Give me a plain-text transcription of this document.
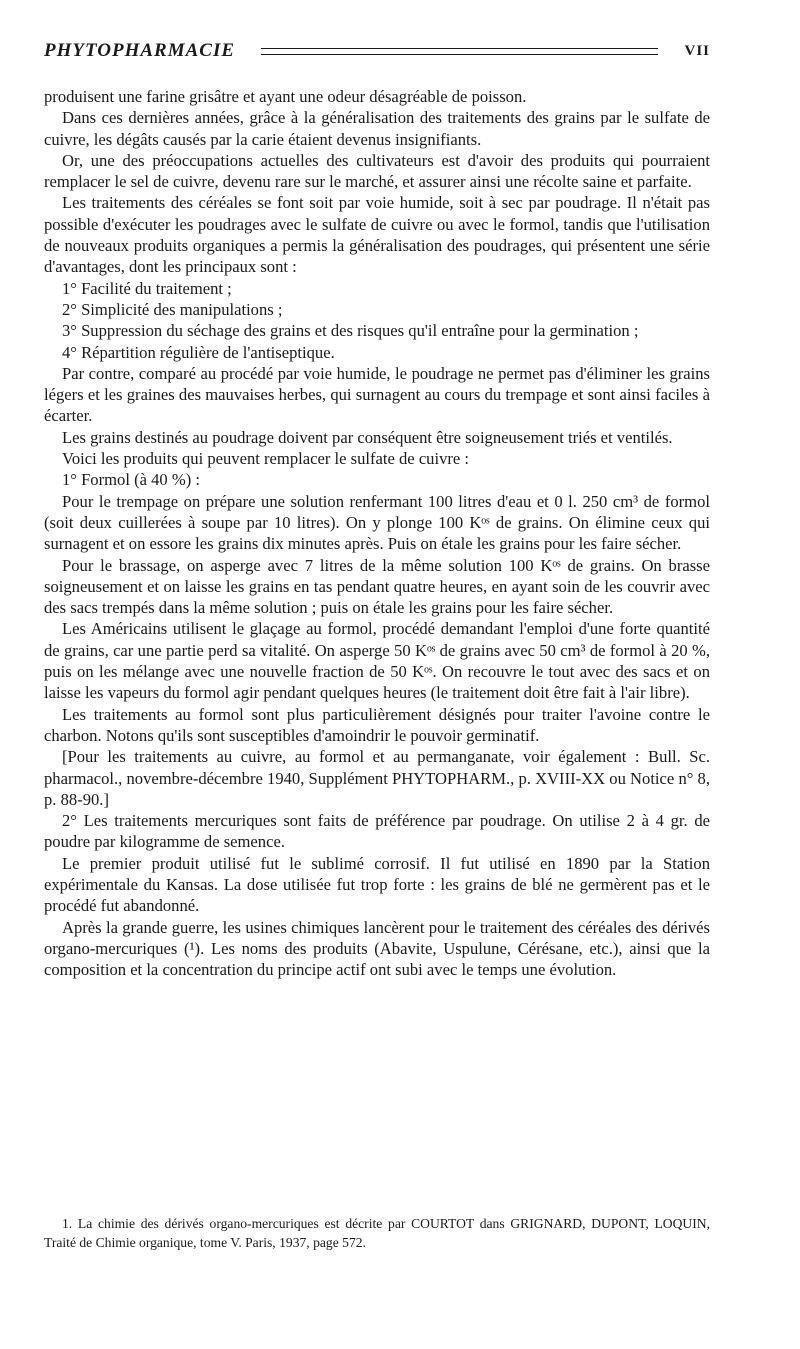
PHYTOPHARMACIE	VII

produisent une farine grisâtre et ayant une odeur désagréable de poisson.

Dans ces dernières années, grâce à la généralisation des traitements des grains par le sulfate de cuivre, les dégâts causés par la carie étaient devenus insignifiants.

Or, une des préoccupations actuelles des cultivateurs est d'avoir des produits qui pourraient remplacer le sel de cuivre, devenu rare sur le marché, et assurer ainsi une récolte saine et parfaite.

Les traitements des céréales se font soit par voie humide, soit à sec par poudrage. Il n'était pas possible d'exécuter les poudrages avec le sulfate de cuivre ou avec le formol, tandis que l'utilisation de nouveaux produits organiques a permis la généralisation des poudrages, qui présentent une série d'avantages, dont les principaux sont :

1° Facilité du traitement ;

2° Simplicité des manipulations ;

3° Suppression du séchage des grains et des risques qu'il entraîne pour la germination ;

4° Répartition régulière de l'antiseptique.

Par contre, comparé au procédé par voie humide, le poudrage ne permet pas d'éliminer les grains légers et les graines des mauvaises herbes, qui surnagent au cours du trempage et sont ainsi faciles à écarter.

Les grains destinés au poudrage doivent par conséquent être soigneusement triés et ventilés.

Voici les produits qui peuvent remplacer le sulfate de cuivre :

1° Formol (à 40 %) :

Pour le trempage on prépare une solution renfermant 100 litres d'eau et 0 l. 250 cm³ de formol (soit deux cuillerées à soupe par 10 litres). On y plonge 100 Kᵒˢ de grains. On élimine ceux qui surnagent et on essore les grains dix minutes après. Puis on étale les grains pour les faire sécher.

Pour le brassage, on asperge avec 7 litres de la même solution 100 Kᵒˢ de grains. On brasse soigneusement et on laisse les grains en tas pendant quatre heures, en ayant soin de les couvrir avec des sacs trempés dans la même solution ; puis on étale les grains pour les faire sécher.

Les Américains utilisent le glaçage au formol, procédé demandant l'emploi d'une forte quantité de grains, car une partie perd sa vitalité. On asperge 50 Kᵒˢ de grains avec 50 cm³ de formol à 20 %, puis on les mélange avec une nouvelle fraction de 50 Kᵒˢ. On recouvre le tout avec des sacs et on laisse les vapeurs du formol agir pendant quelques heures (le traitement doit être fait à l'air libre).

Les traitements au formol sont plus particulièrement désignés pour traiter l'avoine contre le charbon. Notons qu'ils sont susceptibles d'amoindrir le pouvoir germinatif.

[Pour les traitements au cuivre, au formol et au permanganate, voir également : Bull. Sc. pharmacol., novembre-décembre 1940, Supplément PHYTOPHARM., p. XVIII-XX ou Notice n° 8, p. 88-90.]

2° Les traitements mercuriques sont faits de préférence par poudrage. On utilise 2 à 4 gr. de poudre par kilogramme de semence.

Le premier produit utilisé fut le sublimé corrosif. Il fut utilisé en 1890 par la Station expérimentale du Kansas. La dose utilisée fut trop forte : les grains de blé ne germèrent pas et le procédé fut abandonné.

Après la grande guerre, les usines chimiques lancèrent pour le traitement des céréales des dérivés organo-mercuriques (¹). Les noms des produits (Abavite, Uspulune, Cérésane, etc.), ainsi que la composition et la concentration du principe actif ont subi avec le temps une évolution.

1. La chimie des dérivés organo-mercuriques est décrite par COURTOT dans GRIGNARD, DUPONT, LOQUIN, Traité de Chimie organique, tome V. Paris, 1937, page 572.
